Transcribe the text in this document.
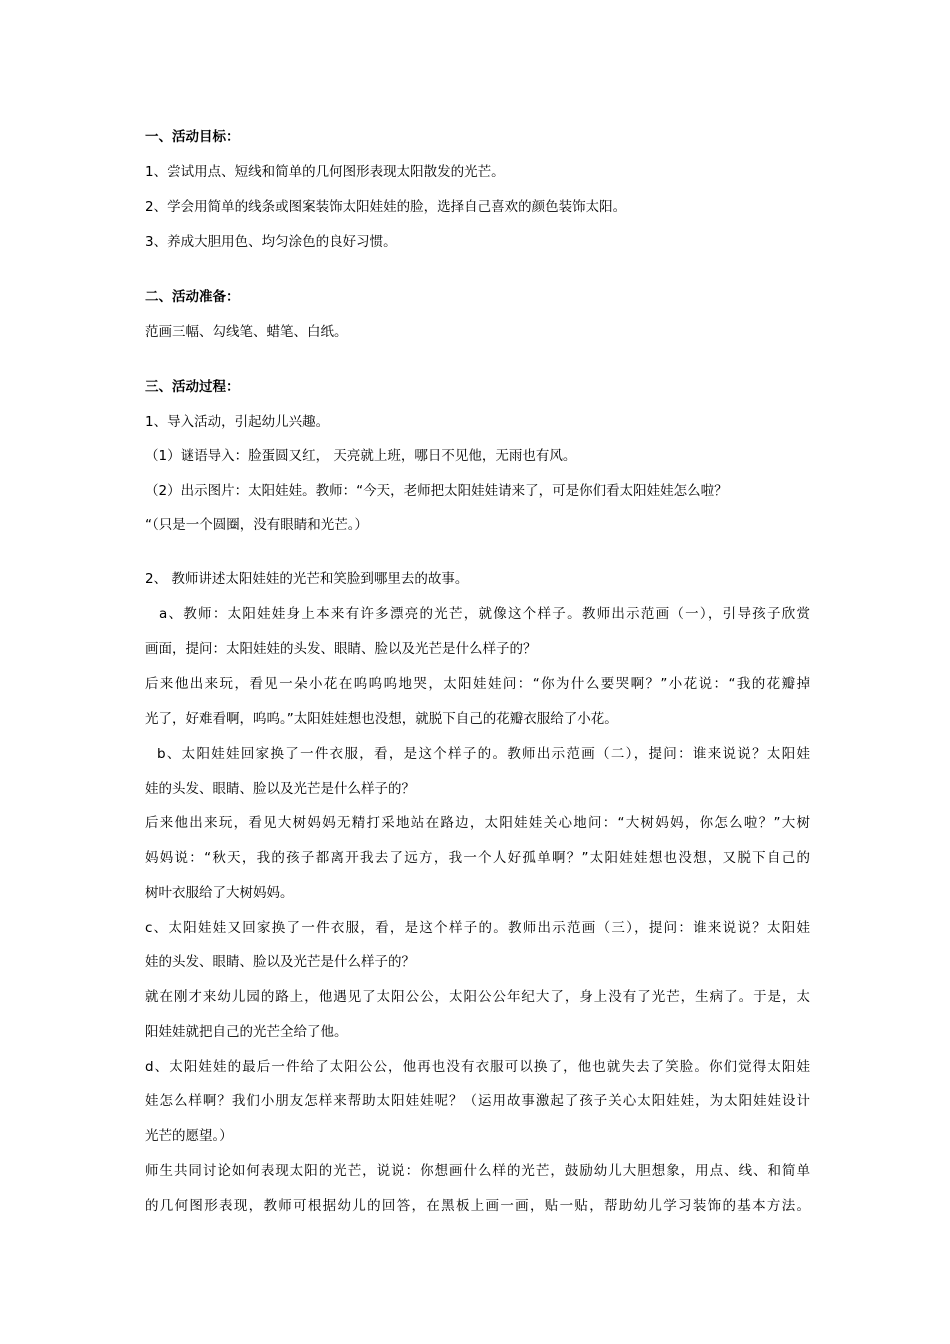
一、活动目标：
1、尝试用点、短线和简单的几何图形表现太阳散发的光芒。
2、学会用简单的线条或图案装饰太阳娃娃的脸，选择自己喜欢的颜色装饰太阳。
3、养成大胆用色、均匀涂色的良好习惯。
二、活动准备：
范画三幅、勾线笔、蜡笔、白纸。
三、活动过程：
1、导入活动，引起幼儿兴趣。
（1）谜语导入：脸蛋圆又红， 天亮就上班，哪日不见他，无雨也有风。
（2）出示图片：太阳娃娃。教师：“今天，老师把太阳娃娃请来了，可是你们看太阳娃娃怎么啦？
“（只是一个圆圈，没有眼睛和光芒。）
2、 教师讲述太阳娃娃的光芒和笑脸到哪里去的故事。
a、教师：太阳娃娃身上本来有许多漂亮的光芒，就像这个样子。教师出示范画（一），引导孩子欣赏
画面，提问：太阳娃娃的头发、眼睛、脸以及光芒是什么样子的？
后来他出来玩，看见一朵小花在呜呜呜地哭，太阳娃娃问：“你为什么要哭啊？”小花说：“我的花瓣掉
光了，好难看啊，呜呜。”太阳娃娃想也没想，就脱下自己的花瓣衣服给了小花。
b、太阳娃娃回家换了一件衣服，看，是这个样子的。教师出示范画（二），提问：谁来说说？太阳娃
娃的头发、眼睛、脸以及光芒是什么样子的？
后来他出来玩，看见大树妈妈无精打采地站在路边，太阳娃娃关心地问：“大树妈妈，你怎么啦？”大树
妈妈说：“秋天，我的孩子都离开我去了远方，我一个人好孤单啊？”太阳娃娃想也没想，又脱下自己的
树叶衣服给了大树妈妈。
c、太阳娃娃又回家换了一件衣服，看，是这个样子的。教师出示范画（三），提问：谁来说说？太阳娃
娃的头发、眼睛、脸以及光芒是什么样子的？
就在刚才来幼儿园的路上，他遇见了太阳公公，太阳公公年纪大了，身上没有了光芒，生病了。于是，太
阳娃娃就把自己的光芒全给了他。
d、太阳娃娃的最后一件给了太阳公公，他再也没有衣服可以换了，他也就失去了笑脸。你们觉得太阳娃
娃怎么样啊？我们小朋友怎样来帮助太阳娃娃呢？（运用故事激起了孩子关心太阳娃娃，为太阳娃娃设计
光芒的愿望。）
师生共同讨论如何表现太阳的光芒，说说：你想画什么样的光芒，鼓励幼儿大胆想象，用点、线、和简单
的几何图形表现，教师可根据幼儿的回答，在黑板上画一画，贴一贴，帮助幼儿学习装饰的基本方法。
